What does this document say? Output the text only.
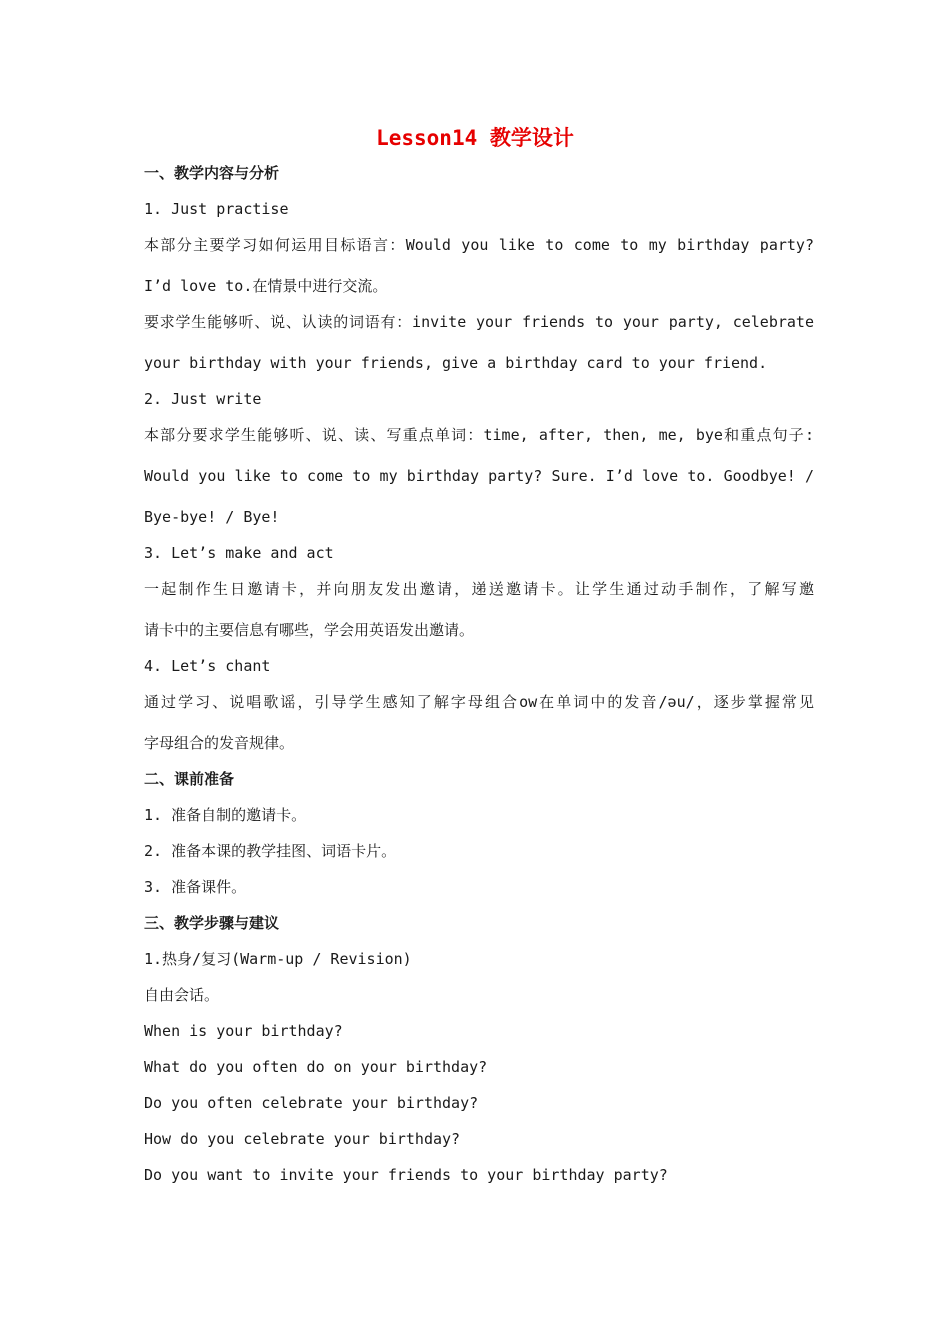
Lesson14 教学设计
一、教学内容与分析
1. Just practise
本部分主要学习如何运用目标语言：Would you like to come to my birthday party?
I’d love to.在情景中进行交流。
要求学生能够听、说、认读的词语有：invite your friends to your party, celebrate
your birthday with your friends, give a birthday card to your friend.
2. Just write
本部分要求学生能够听、说、读、写重点单词：time, after, then, me, bye和重点句子:
Would you like to come to my birthday party? Sure. I’d love to. Goodbye! /
Bye-bye! / Bye!
3. Let’s make and act
一起制作生日邀请卡，并向朋友发出邀请，递送邀请卡。让学生通过动手制作，了解写邀
请卡中的主要信息有哪些，学会用英语发出邀请。
4. Let’s chant
通过学习、说唱歌谣，引导学生感知了解字母组合ow在单词中的发音/əu/，逐步掌握常见
字母组合的发音规律。
二、课前准备
1. 准备自制的邀请卡。
2. 准备本课的教学挂图、词语卡片。
3. 准备课件。
三、教学步骤与建议
1.热身/复习(Warm-up / Revision)
自由会话。
When is your birthday?
What do you often do on your birthday?
Do you often celebrate your birthday?
How do you celebrate your birthday?
Do you want to invite your friends to your birthday party?
